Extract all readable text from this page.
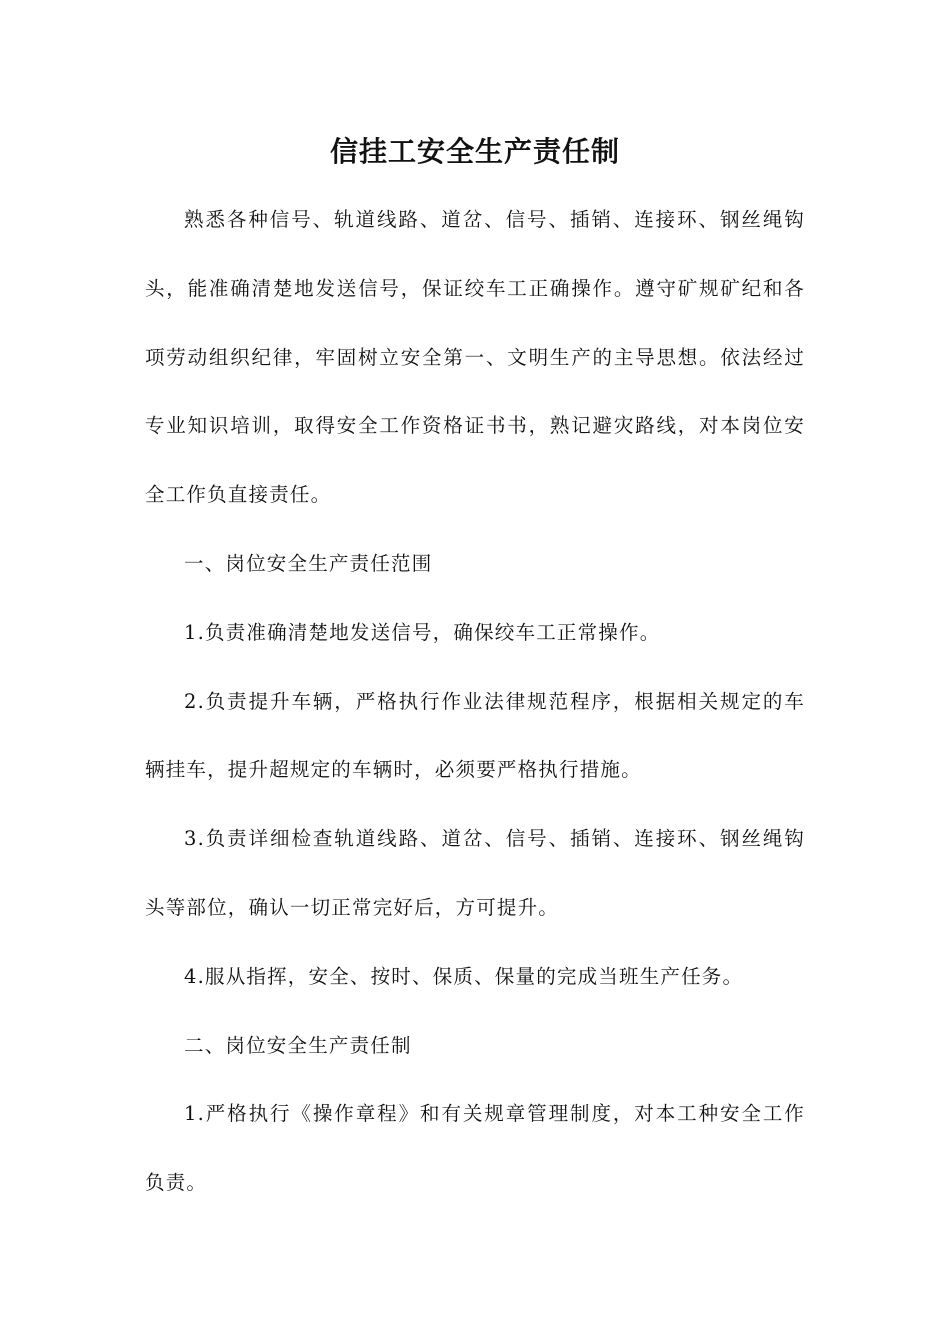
信挂工安全生产责任制

熟悉各种信号、轨道线路、道岔、信号、插销、连接环、钢丝绳钩头，能准确清楚地发送信号，保证绞车工正确操作。遵守矿规矿纪和各项劳动组织纪律，牢固树立安全第一、文明生产的主导思想。依法经过专业知识培训，取得安全工作资格证书书，熟记避灾路线，对本岗位安全工作负直接责任。

一、岗位安全生产责任范围

1.负责准确清楚地发送信号，确保绞车工正常操作。

2.负责提升车辆，严格执行作业法律规范程序，根据相关规定的车辆挂车，提升超规定的车辆时，必须要严格执行措施。

3.负责详细检查轨道线路、道岔、信号、插销、连接环、钢丝绳钩头等部位，确认一切正常完好后，方可提升。

4.服从指挥，安全、按时、保质、保量的完成当班生产任务。

二、岗位安全生产责任制

1.严格执行《操作章程》和有关规章管理制度，对本工种安全工作负责。
